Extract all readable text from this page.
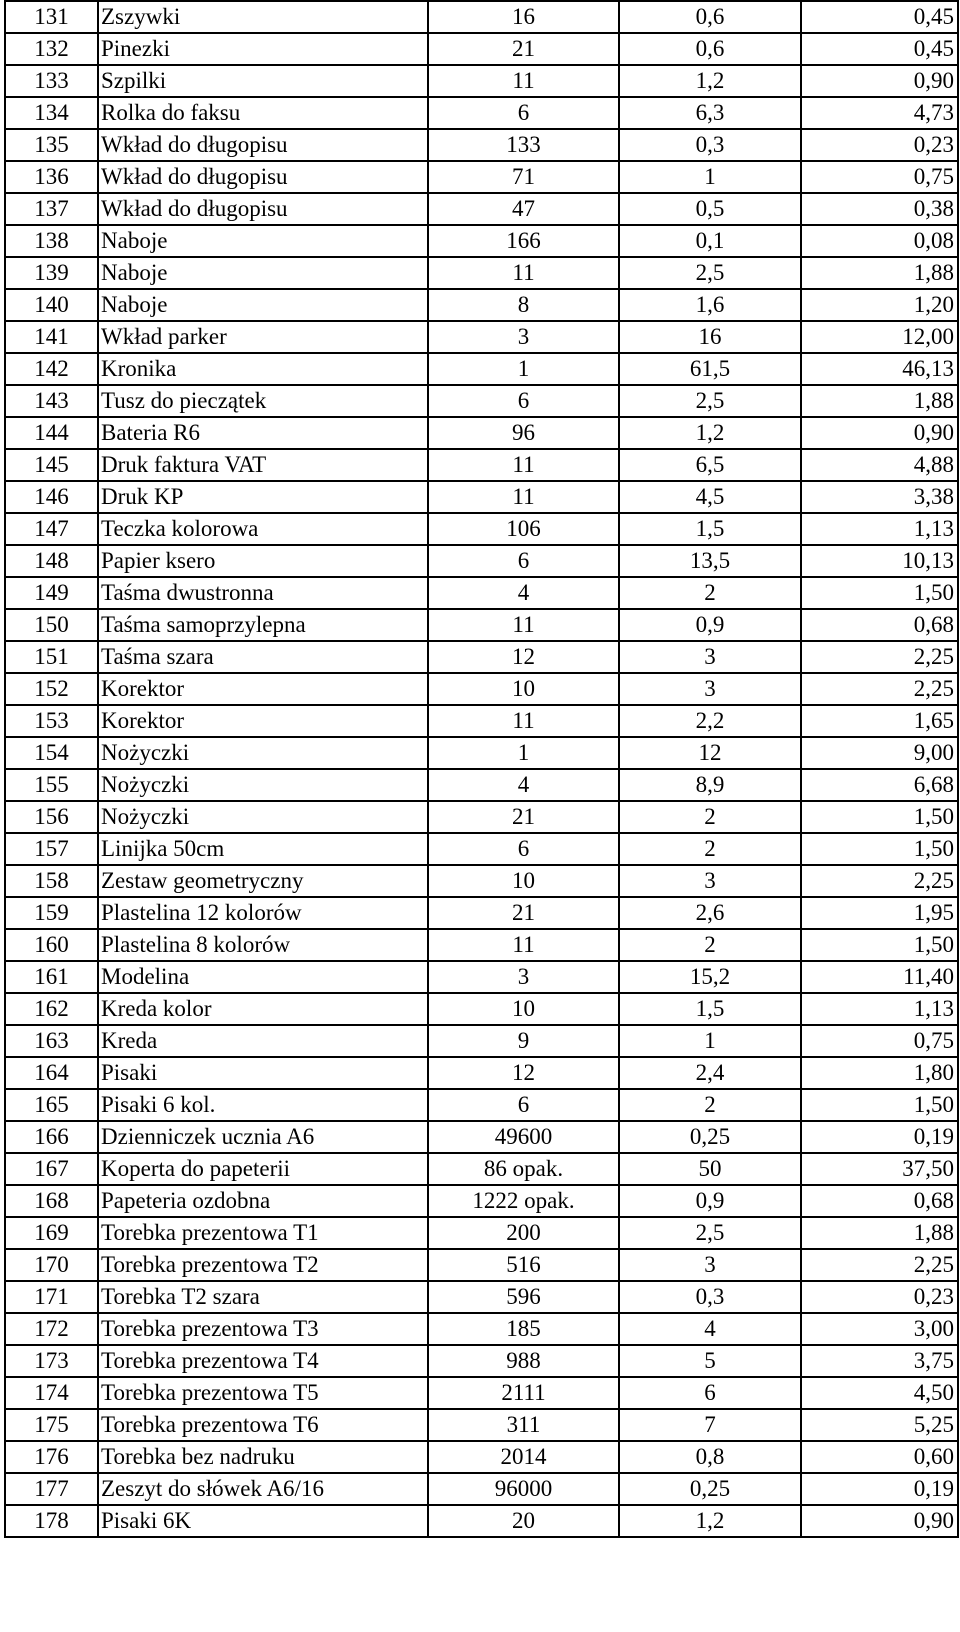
131	Zszywki	16	0,6	0,45
132	Pinezki	21	0,6	0,45
133	Szpilki	11	1,2	0,90
134	Rolka do faksu	6	6,3	4,73
135	Wkład do długopisu	133	0,3	0,23
136	Wkład do długopisu	71	1	0,75
137	Wkład do długopisu	47	0,5	0,38
138	Naboje	166	0,1	0,08
139	Naboje	11	2,5	1,88
140	Naboje	8	1,6	1,20
141	Wkład parker	3	16	12,00
142	Kronika	1	61,5	46,13
143	Tusz do pieczątek	6	2,5	1,88
144	Bateria R6	96	1,2	0,90
145	Druk faktura VAT	11	6,5	4,88
146	Druk KP	11	4,5	3,38
147	Teczka kolorowa	106	1,5	1,13
148	Papier ksero	6	13,5	10,13
149	Taśma dwustronna	4	2	1,50
150	Taśma samoprzylepna	11	0,9	0,68
151	Taśma szara	12	3	2,25
152	Korektor	10	3	2,25
153	Korektor	11	2,2	1,65
154	Nożyczki	1	12	9,00
155	Nożyczki	4	8,9	6,68
156	Nożyczki	21	2	1,50
157	Linijka 50cm	6	2	1,50
158	Zestaw geometryczny	10	3	2,25
159	Plastelina 12 kolorów	21	2,6	1,95
160	Plastelina 8 kolorów	11	2	1,50
161	Modelina	3	15,2	11,40
162	Kreda kolor	10	1,5	1,13
163	Kreda	9	1	0,75
164	Pisaki	12	2,4	1,80
165	Pisaki 6 kol.	6	2	1,50
166	Dzienniczek ucznia A6	49600	0,25	0,19
167	Koperta do papeterii	86 opak.	50	37,50
168	Papeteria ozdobna	1222 opak.	0,9	0,68
169	Torebka prezentowa T1	200	2,5	1,88
170	Torebka prezentowa T2	516	3	2,25
171	Torebka T2 szara	596	0,3	0,23
172	Torebka prezentowa T3	185	4	3,00
173	Torebka prezentowa T4	988	5	3,75
174	Torebka prezentowa T5	2111	6	4,50
175	Torebka prezentowa T6	311	7	5,25
176	Torebka bez nadruku	2014	0,8	0,60
177	Zeszyt do słówek A6/16	96000	0,25	0,19
178	Pisaki 6K	20	1,2	0,90
